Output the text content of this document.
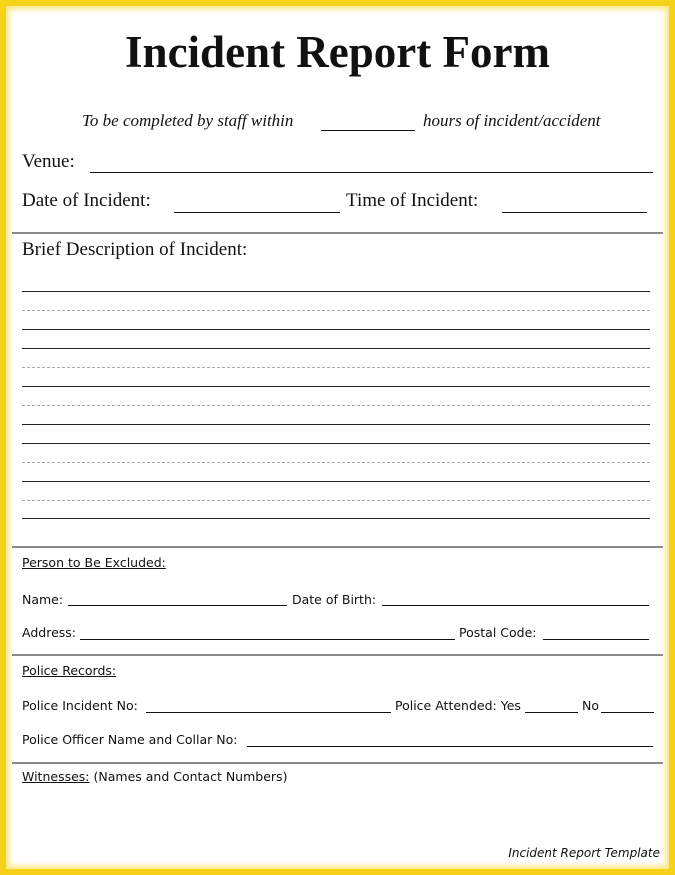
Incident Report Form
To be completed by staff within	hours of incident/accident
Venue:
Date of Incident:	Time of Incident:
Brief Description of Incident:
Person to Be Excluded:
Name:	Date of Birth:
Address:	Postal Code:
Police Records:
Police Incident No:	Police Attended: Yes	No
Police Officer Name and Collar No:
Witnesses: (Names and Contact Numbers)
Incident Report Template
